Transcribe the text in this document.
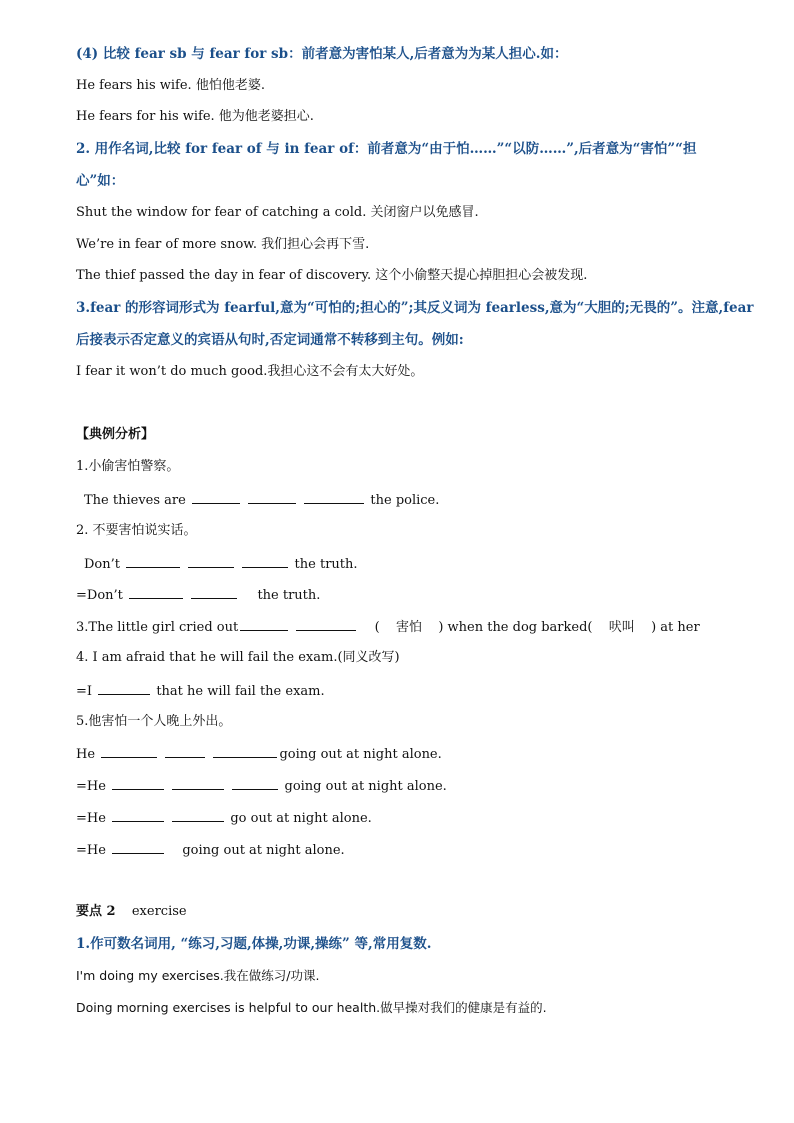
(4) 比较 fear sb 与 fear for sb：前者意为害怕某人,后者意为为某人担心.如：
He fears his wife. 他怕他老婆.
He fears for his wife. 他为他老婆担心.
2. 用作名词,比较 for fear of 与 in fear of：前者意为“由于怕……”“以防……”,后者意为“害怕”“担
心”如：
Shut the window for fear of catching a cold. 关闭窗户以免感冒.
We’re in fear of more snow. 我们担心会再下雪.
The thief passed the day in fear of discovery. 这个小偷整天提心掉胆担心会被发现.
3.fear 的形容词形式为 fearful,意为“可怕的;担心的”;其反义词为 fearless,意为“大胆的;无畏的”。注意,fear
后接表示否定意义的宾语从句时,否定词通常不转移到主句。例如:
I fear it won’t do much good.我担心这不会有太大好处。
【典例分析】
1.小偷害怕警察。
The thieves are	the police.
2. 不要害怕说实话。
Don’t	the truth.
=Don’t	the truth.
3.The little girl cried out	( 害怕 ) when the dog barked( 吠叫 ) at her
4. I am afraid that he will fail the exam.(同义改写)
=I	that he will fail the exam.
5.他害怕一个人晚上外出。
He	going out at night alone.
=He	going out at night alone.
=He	go out at night alone.
=He	going out at night alone.
要点 2 exercise
1.作可数名词用, “练习,习题,体操,功课,操练” 等,常用复数.
I'm doing my exercises.我在做练习/功课.
Doing morning exercises is helpful to our health.做早操对我们的健康是有益的.
